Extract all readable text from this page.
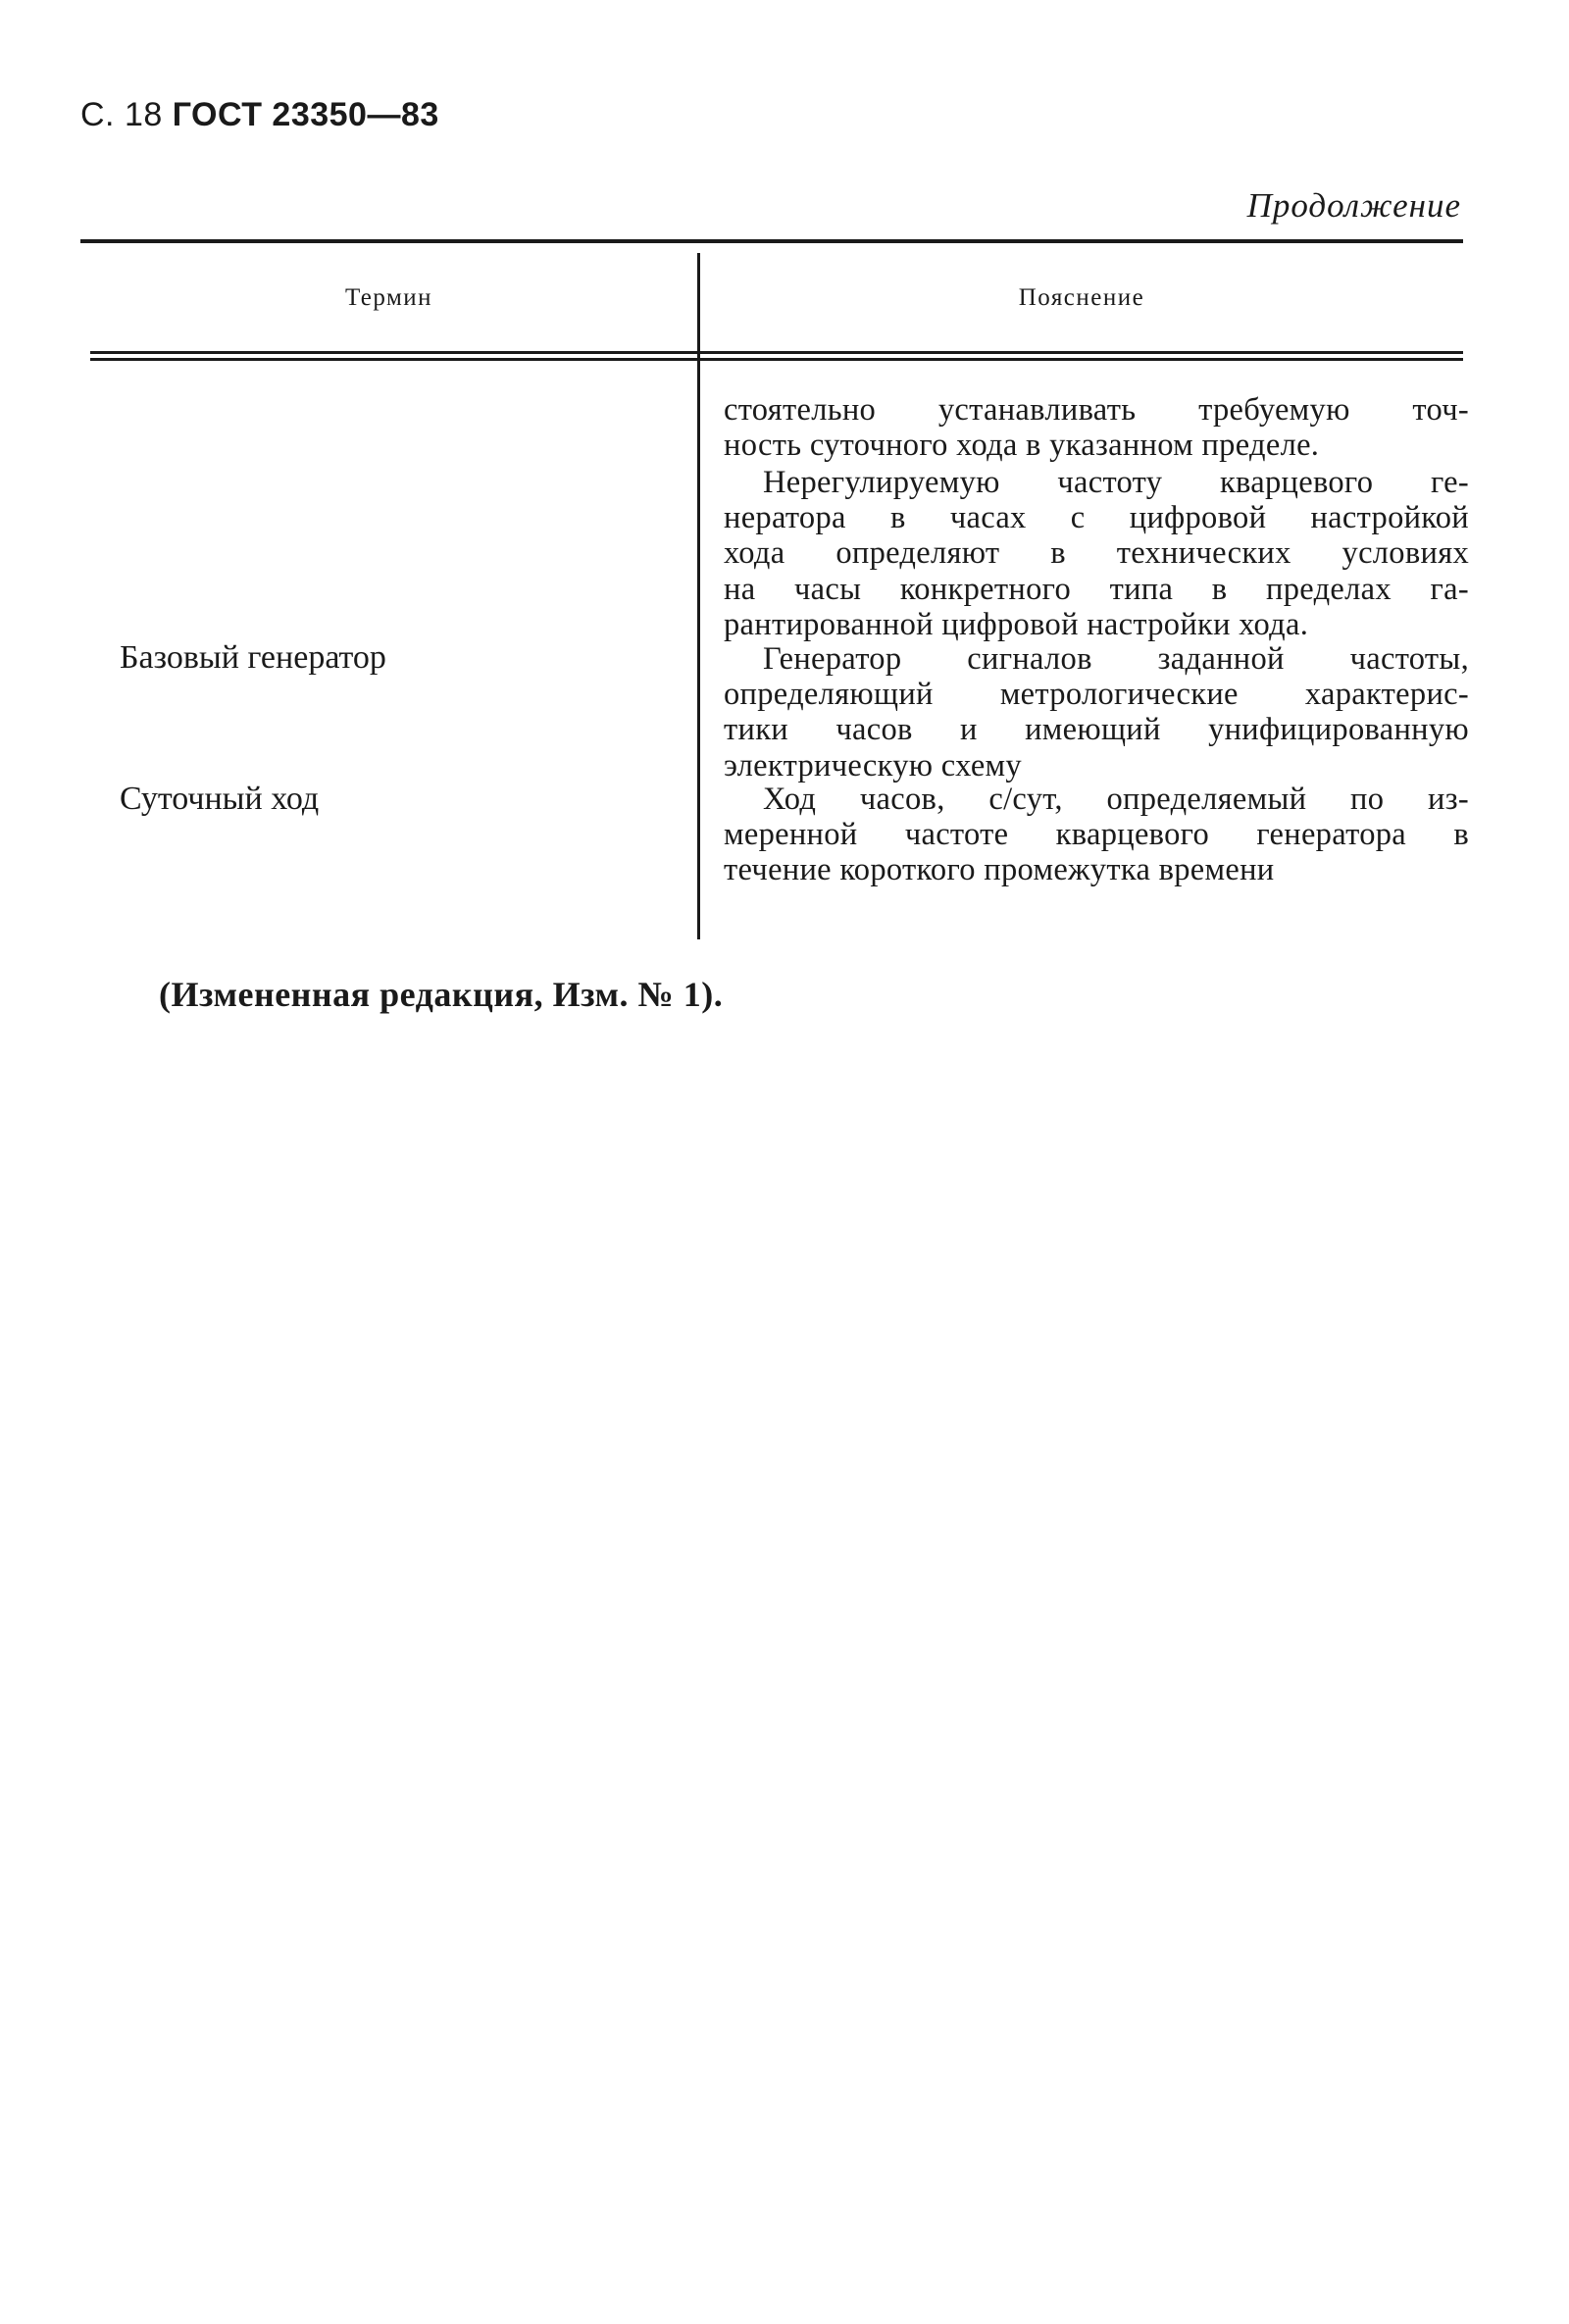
С. 18 ГОСТ 23350—83
Продолжение
Термин	Пояснение
стоятельно устанавливать требуемую точ-
ность суточного хода в указанном пределе.
Нерегулируемую частоту кварцевого ге-
нератора в часах с цифровой настройкой
хода определяют в технических условиях
на часы конкретного типа в пределах га-
рантированной цифровой настройки хода.
Базовый генератор	Генератор сигналов заданной частоты,
определяющий метрологические характерис-
тики часов и имеющий унифицированную
электрическую схему
Суточный ход	Ход часов, с/сут, определяемый по из-
меренной частоте кварцевого генератора в
течение короткого промежутка времени
(Измененная редакция, Изм. № 1).
